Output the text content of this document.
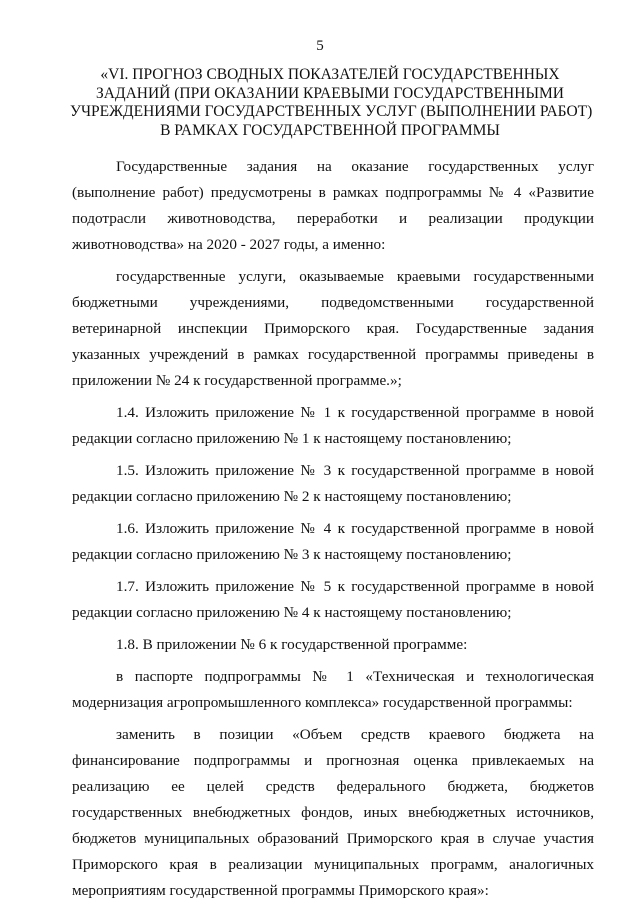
5
«VI. ПРОГНОЗ СВОДНЫХ ПОКАЗАТЕЛЕЙ ГОСУДАРСТВЕННЫХ
ЗАДАНИЙ (ПРИ ОКАЗАНИИ КРАЕВЫМИ ГОСУДАРСТВЕННЫМИ
УЧРЕЖДЕНИЯМИ ГОСУДАРСТВЕННЫХ УСЛУГ (ВЫПОЛНЕНИИ РАБОТ)
В РАМКАХ ГОСУДАРСТВЕННОЙ ПРОГРАММЫ

Государственные задания на оказание государственных услуг (выполнение работ) предусмотрены в рамках подпрограммы № 4 «Развитие подотрасли животноводства, переработки и реализации продукции животноводства» на 2020 - 2027 годы, а именно:

государственные услуги, оказываемые краевыми государственными бюджетными учреждениями, подведомственными государственной ветеринарной инспекции Приморского края. Государственные задания указанных учреждений в рамках государственной программы приведены в приложении № 24 к государственной программе.»;

1.4. Изложить приложение № 1 к государственной программе в новой редакции согласно приложению № 1 к настоящему постановлению;

1.5. Изложить приложение № 3 к государственной программе в новой редакции согласно приложению № 2 к настоящему постановлению;

1.6. Изложить приложение № 4 к государственной программе в новой редакции согласно приложению № 3 к настоящему постановлению;

1.7. Изложить приложение № 5 к государственной программе в новой редакции согласно приложению № 4 к настоящему постановлению;

1.8. В приложении № 6 к государственной программе:

в паспорте подпрограммы № 1 «Техническая и технологическая модернизация агропромышленного комплекса» государственной программы:

заменить в позиции «Объем средств краевого бюджета на финансирование подпрограммы и прогнозная оценка привлекаемых на реализацию ее целей средств федерального бюджета, бюджетов государственных внебюджетных фондов, иных внебюджетных источников, бюджетов муниципальных образований Приморского края в случае участия Приморского края в реализации муниципальных программ, аналогичных мероприятиям государственной программы Приморского края»:
